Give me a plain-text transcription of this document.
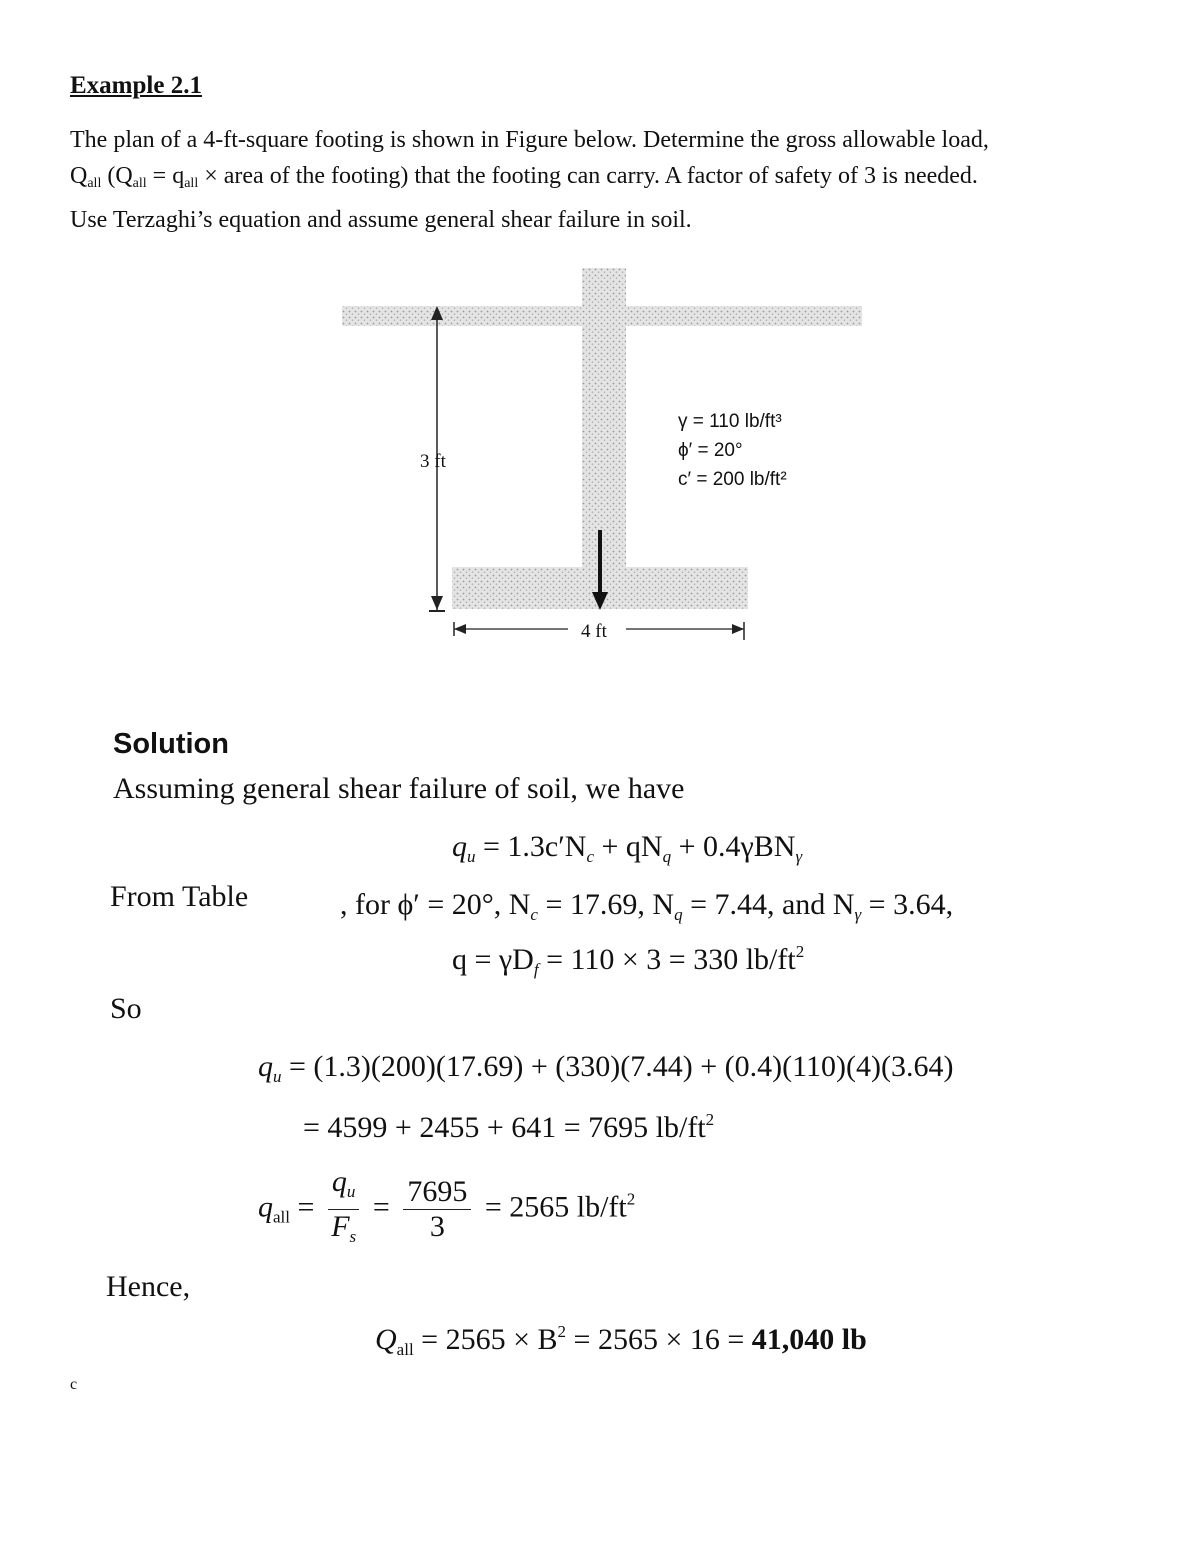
Example 2.1
The plan of a 4-ft-square footing is shown in Figure below. Determine the gross allowable load,
$Q_{all}$ ($Q_{all} = q_{all}$ × area of the footing) that the footing can carry. A factor of safety of 3 is needed.
Use Terzaghi’s equation and assume general shear failure in soil.
3 ft
4 ft
γ = 110 lb/ft³
ϕ′ = 20°
c′ = 200 lb/ft²
Solution
Assuming general shear failure of soil, we have
$q_u = 1.3c'N_c + qN_q + 0.4\gamma BN_\gamma$
From Table	, for ϕ′ = 20°, $N_c = 17.69$, $N_q = 7.44$, and $N_\gamma = 3.64$,
$q = \gamma D_f = 110 \times 3 = 330$ $lb/ft^2$
So
$q_u = (1.3)(200)(17.69) + (330)(7.44) + (0.4)(110)(4)(3.64)$
= 4599 + 2455 + 641 = 7695 $lb/ft^2$
$q_{all} = \frac{q_u}{F_s} = \frac{7695}{3} = 2565$ $lb/ft^2$
Hence,
$Q_{all} = 2565 \times B^2 = 2565 \times 16 = 41,040$ lb
c
